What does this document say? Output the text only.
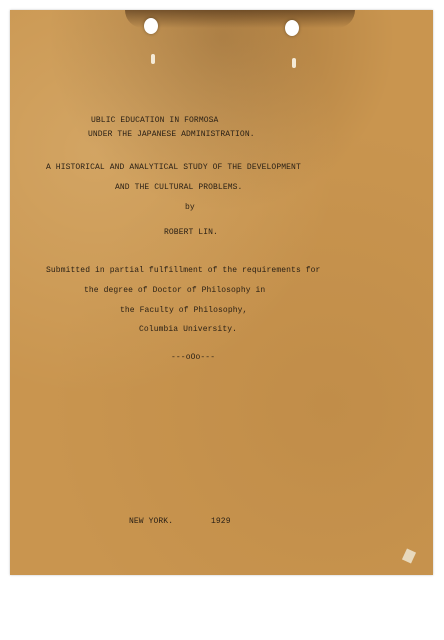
UBLIC EDUCATION IN FORMOSA

UNDER THE JAPANESE ADMINISTRATION.

A HISTORICAL AND ANALYTICAL STUDY OF THE DEVELOPMENT

AND THE CULTURAL PROBLEMS.

by

ROBERT LIN.

Submitted in partial fulfillment of the requirements for

the degree of Doctor of Philosophy in

the Faculty of Philosophy,

Columbia University.

---oOo---

NEW YORK.	1929
